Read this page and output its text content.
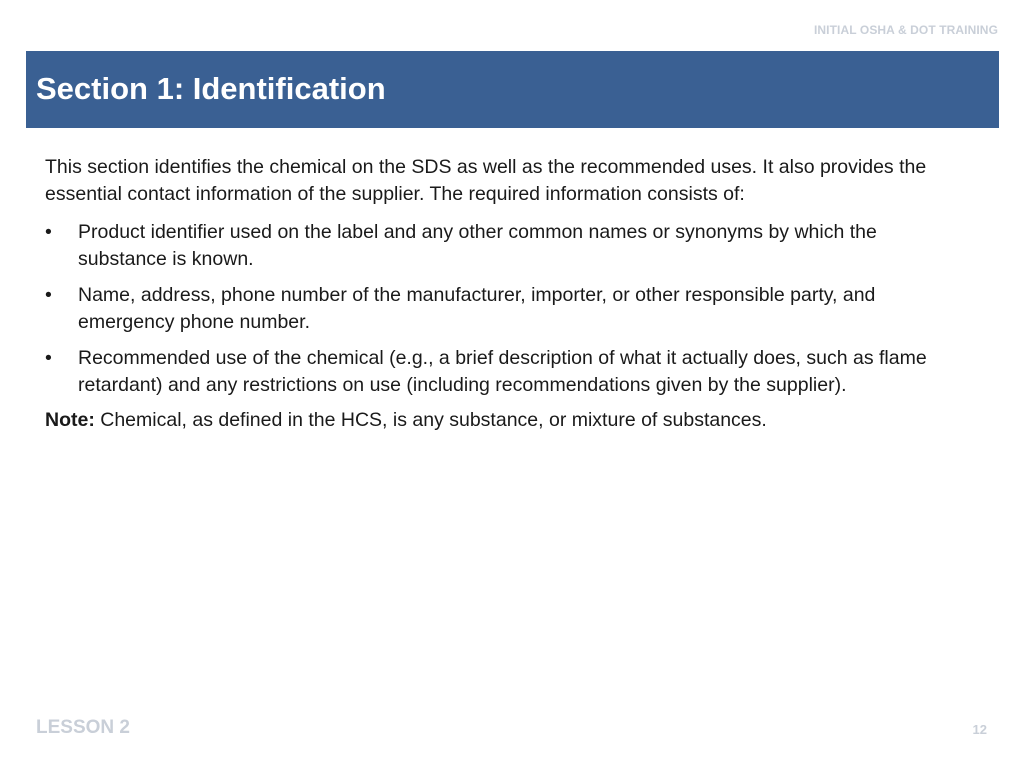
INITIAL OSHA & DOT TRAINING
Section 1: Identification

This section identifies the chemical on the SDS as well as the recommended uses. It also provides the essential contact information of the supplier. The required information consists of:

• Product identifier used on the label and any other common names or synonyms by which the substance is known.
• Name, address, phone number of the manufacturer, importer, or other responsible party, and emergency phone number.
• Recommended use of the chemical (e.g., a brief description of what it actually does, such as flame retardant) and any restrictions on use (including recommendations given by the supplier).

Note: Chemical, as defined in the HCS, is any substance, or mixture of substances.

LESSON 2	12
